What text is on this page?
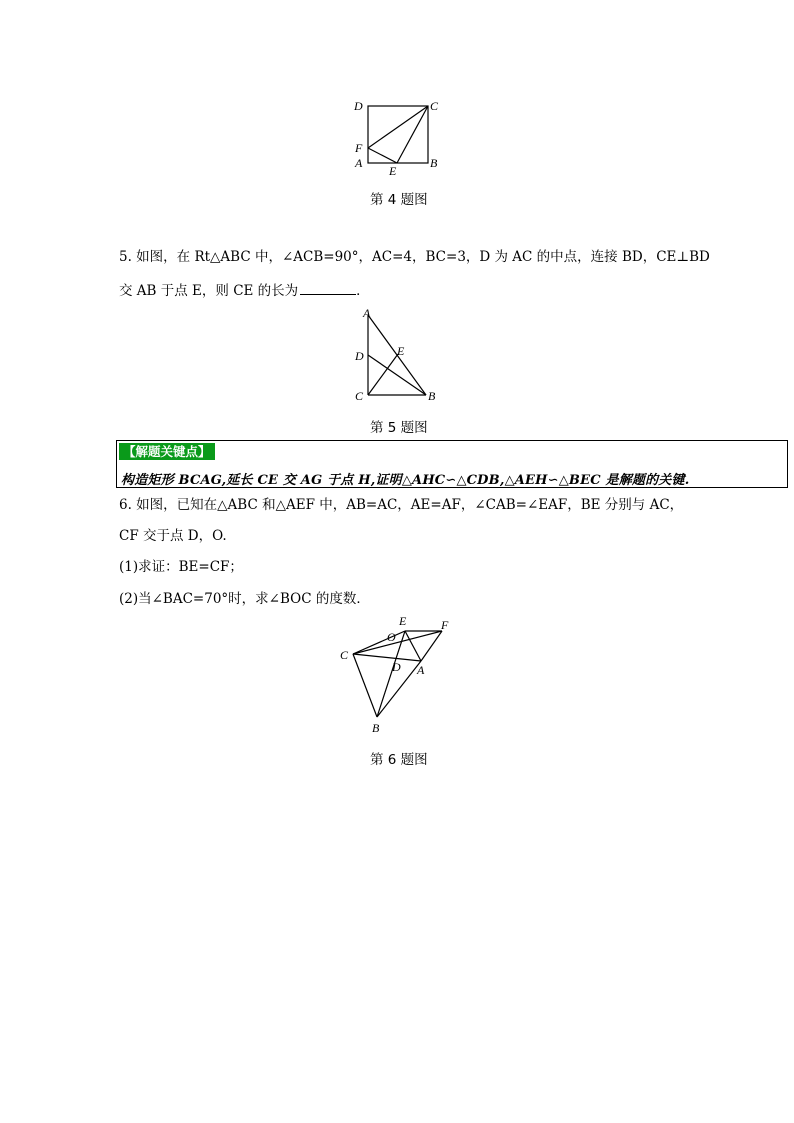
D	C
F
A
E
B
第 4 题图
5. 如图，在 Rt△ABC 中，∠ACB=90°，AC=4，BC=3，D 为 AC 的中点，连接 BD，CE⊥BD
交 AB 于点 E，则 CE 的长为	．
A
D	E
C	B
第 5 题图
【解题关键点】
构造矩形 BCAG,延长 CE 交 AG 于点 H,证明△AHC∽△CDB,△AEH∽△BEC 是解题的关键.
6. 如图，已知在△ABC 和△AEF 中，AB=AC，AE=AF，∠CAB=∠EAF，BE 分别与 AC，
CF 交于点 D，O.
(1)求证：BE=CF；
(2)当∠BAC=70°时，求∠BOC 的度数．
E	F
O
C
D A
B
第 6 题图
